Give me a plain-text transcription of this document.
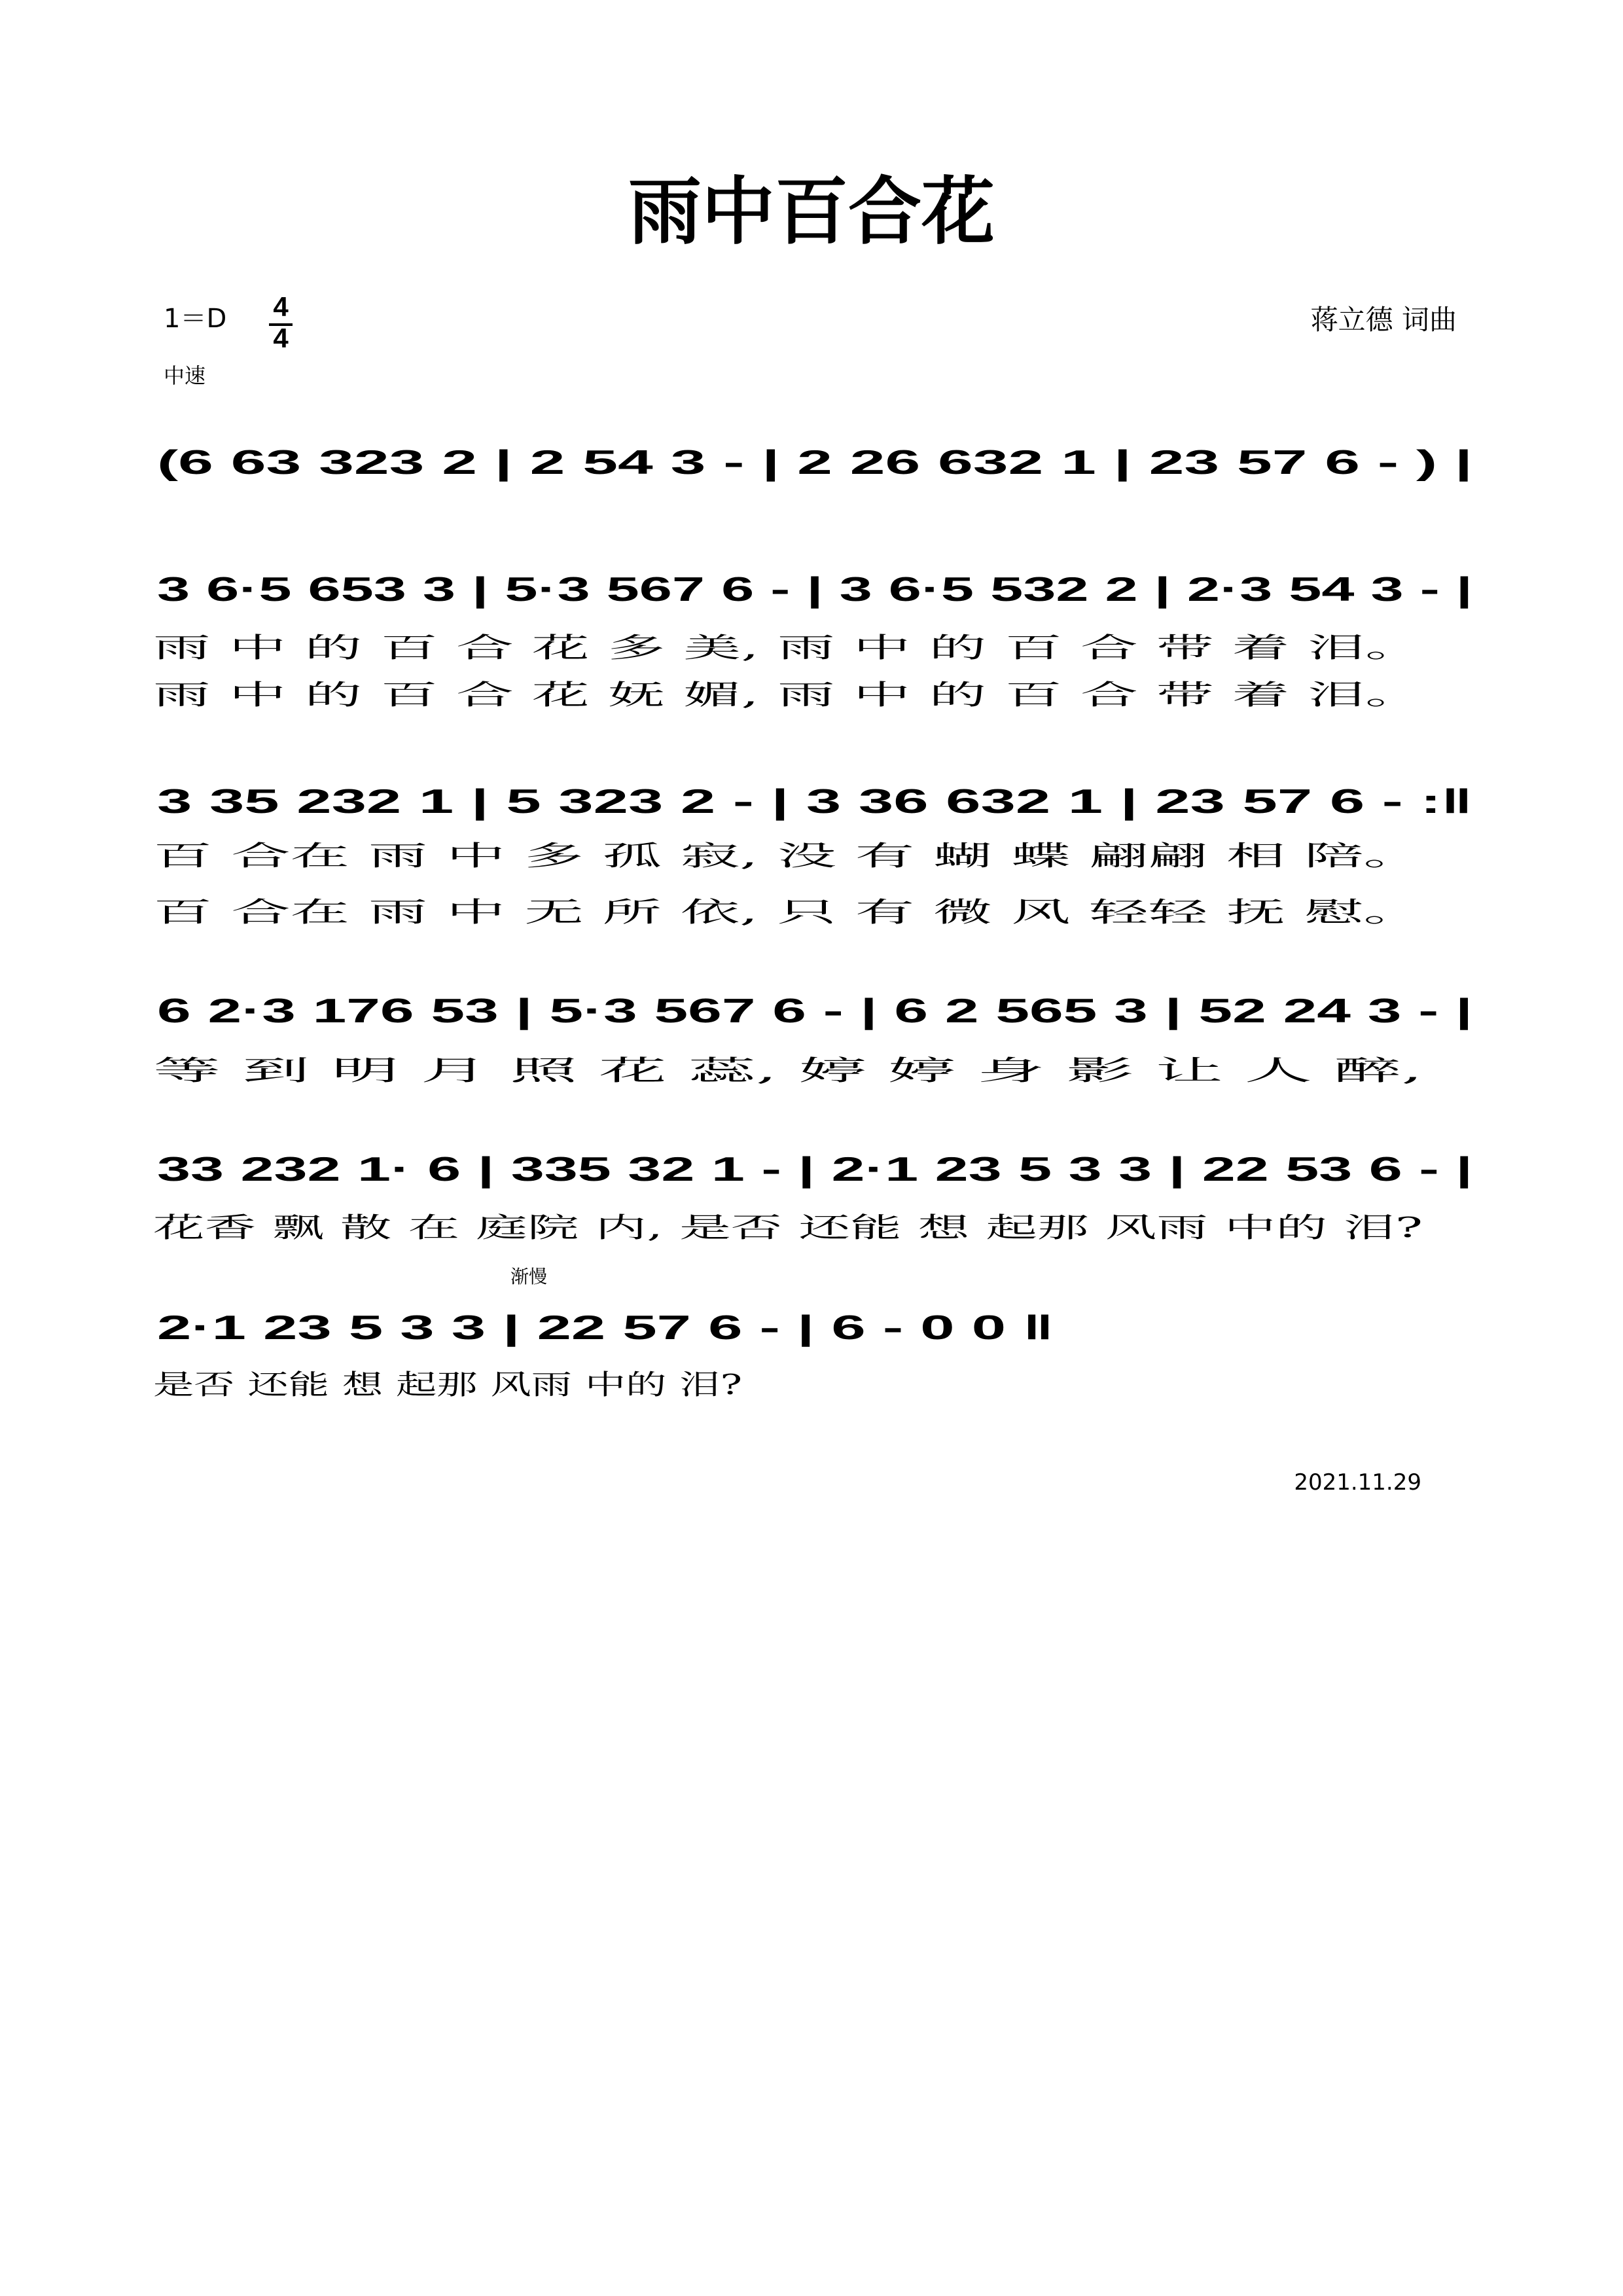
雨中百合花
1＝D 4
4
中速
蒋立德 词曲
(6 63 323 2 | 2 54 3 - | 2 26 632 1 | 23 57 6 - ) |
3 6·5 653 3 | 5·3 567 6 - | 3 6·5 532 2 | 2·3 54 3 - |
雨 中 的 百 合 花 多 美, 雨 中 的 百 合 带 着 泪。
雨 中 的 百 合 花 妩 媚, 雨 中 的 百 合 带 着 泪。
3 35 232 1 | 5 323 2 - | 3 36 632 1 | 23 57 6 - :‖
百 合在 雨 中 多 孤 寂, 没 有 蝴 蝶 翩翩 相 陪。
百 合在 雨 中 无 所 依, 只 有 微 风 轻轻 抚 慰。
6 2·3 176 53 | 5·3 567 6 - | 6 2 565 3 | 52 24 3 - |
等 到 明 月 照 花 蕊, 婷 婷 身 影 让 人 醉,
33 232 1· 6 | 335 32 1 - | 2·1 23 5 3 3 | 22 53 6 - |
花香 飘 散 在 庭院 内, 是否 还能 想 起那 风雨 中的 泪?
渐慢
2·1 23 5 3 3 | 22 57 6 - | 6 - 0 0 ‖
是否 还能 想 起那 风雨 中的 泪?
2021.11.29
